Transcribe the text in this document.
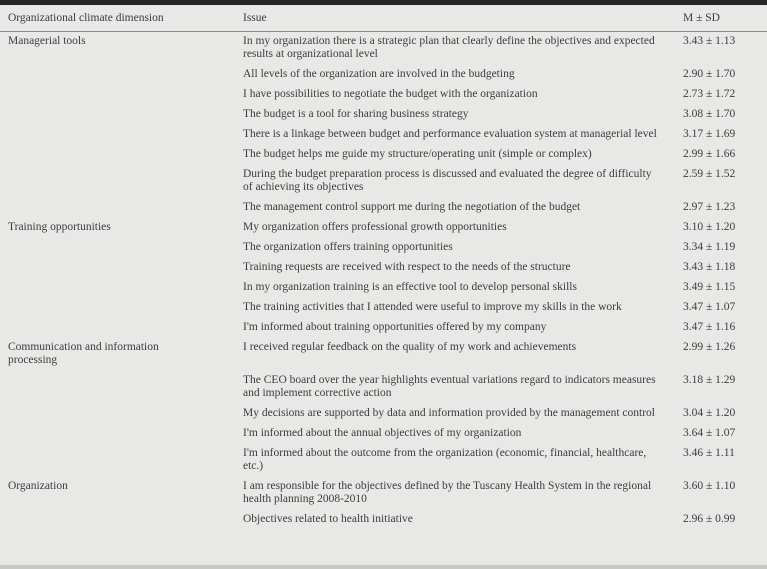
Organizational climate dimension	Issue	M ± SD
Managerial tools	In my organization there is a strategic plan that clearly define the objectives and expected results at organizational level	3.43 ± 1.13
	All levels of the organization are involved in the budgeting	2.90 ± 1.70
	I have possibilities to negotiate the budget with the organization	2.73 ± 1.72
	The budget is a tool for sharing business strategy	3.08 ± 1.70
	There is a linkage between budget and performance evaluation system at managerial level	3.17 ± 1.69
	The budget helps me guide my structure/operating unit (simple or complex)	2.99 ± 1.66
	During the budget preparation process is discussed and evaluated the degree of difficulty of achieving its objectives	2.59 ± 1.52
	The management control support me during the negotiation of the budget	2.97 ± 1.23
Training opportunities	My organization offers professional growth opportunities	3.10 ± 1.20
	The organization offers training opportunities	3.34 ± 1.19
	Training requests are received with respect to the needs of the structure	3.43 ± 1.18
	In my organization training is an effective tool to develop personal skills	3.49 ± 1.15
	The training activities that I attended were useful to improve my skills in the work	3.47 ± 1.07
	I'm informed about training opportunities offered by my company	3.47 ± 1.16
Communication and information processing	I received regular feedback on the quality of my work and achievements	2.99 ± 1.26
	The CEO board over the year highlights eventual variations regard to indicators measures and implement corrective action	3.18 ± 1.29
	My decisions are supported by data and information provided by the management control	3.04 ± 1.20
	I'm informed about the annual objectives of my organization	3.64 ± 1.07
	I'm informed about the outcome from the organization (economic, financial, healthcare, etc.)	3.46 ± 1.11
Organization	I am responsible for the objectives defined by the Tuscany Health System in the regional health planning 2008-2010	3.60 ± 1.10
	Objectives related to health initiative	2.96 ± 0.99
